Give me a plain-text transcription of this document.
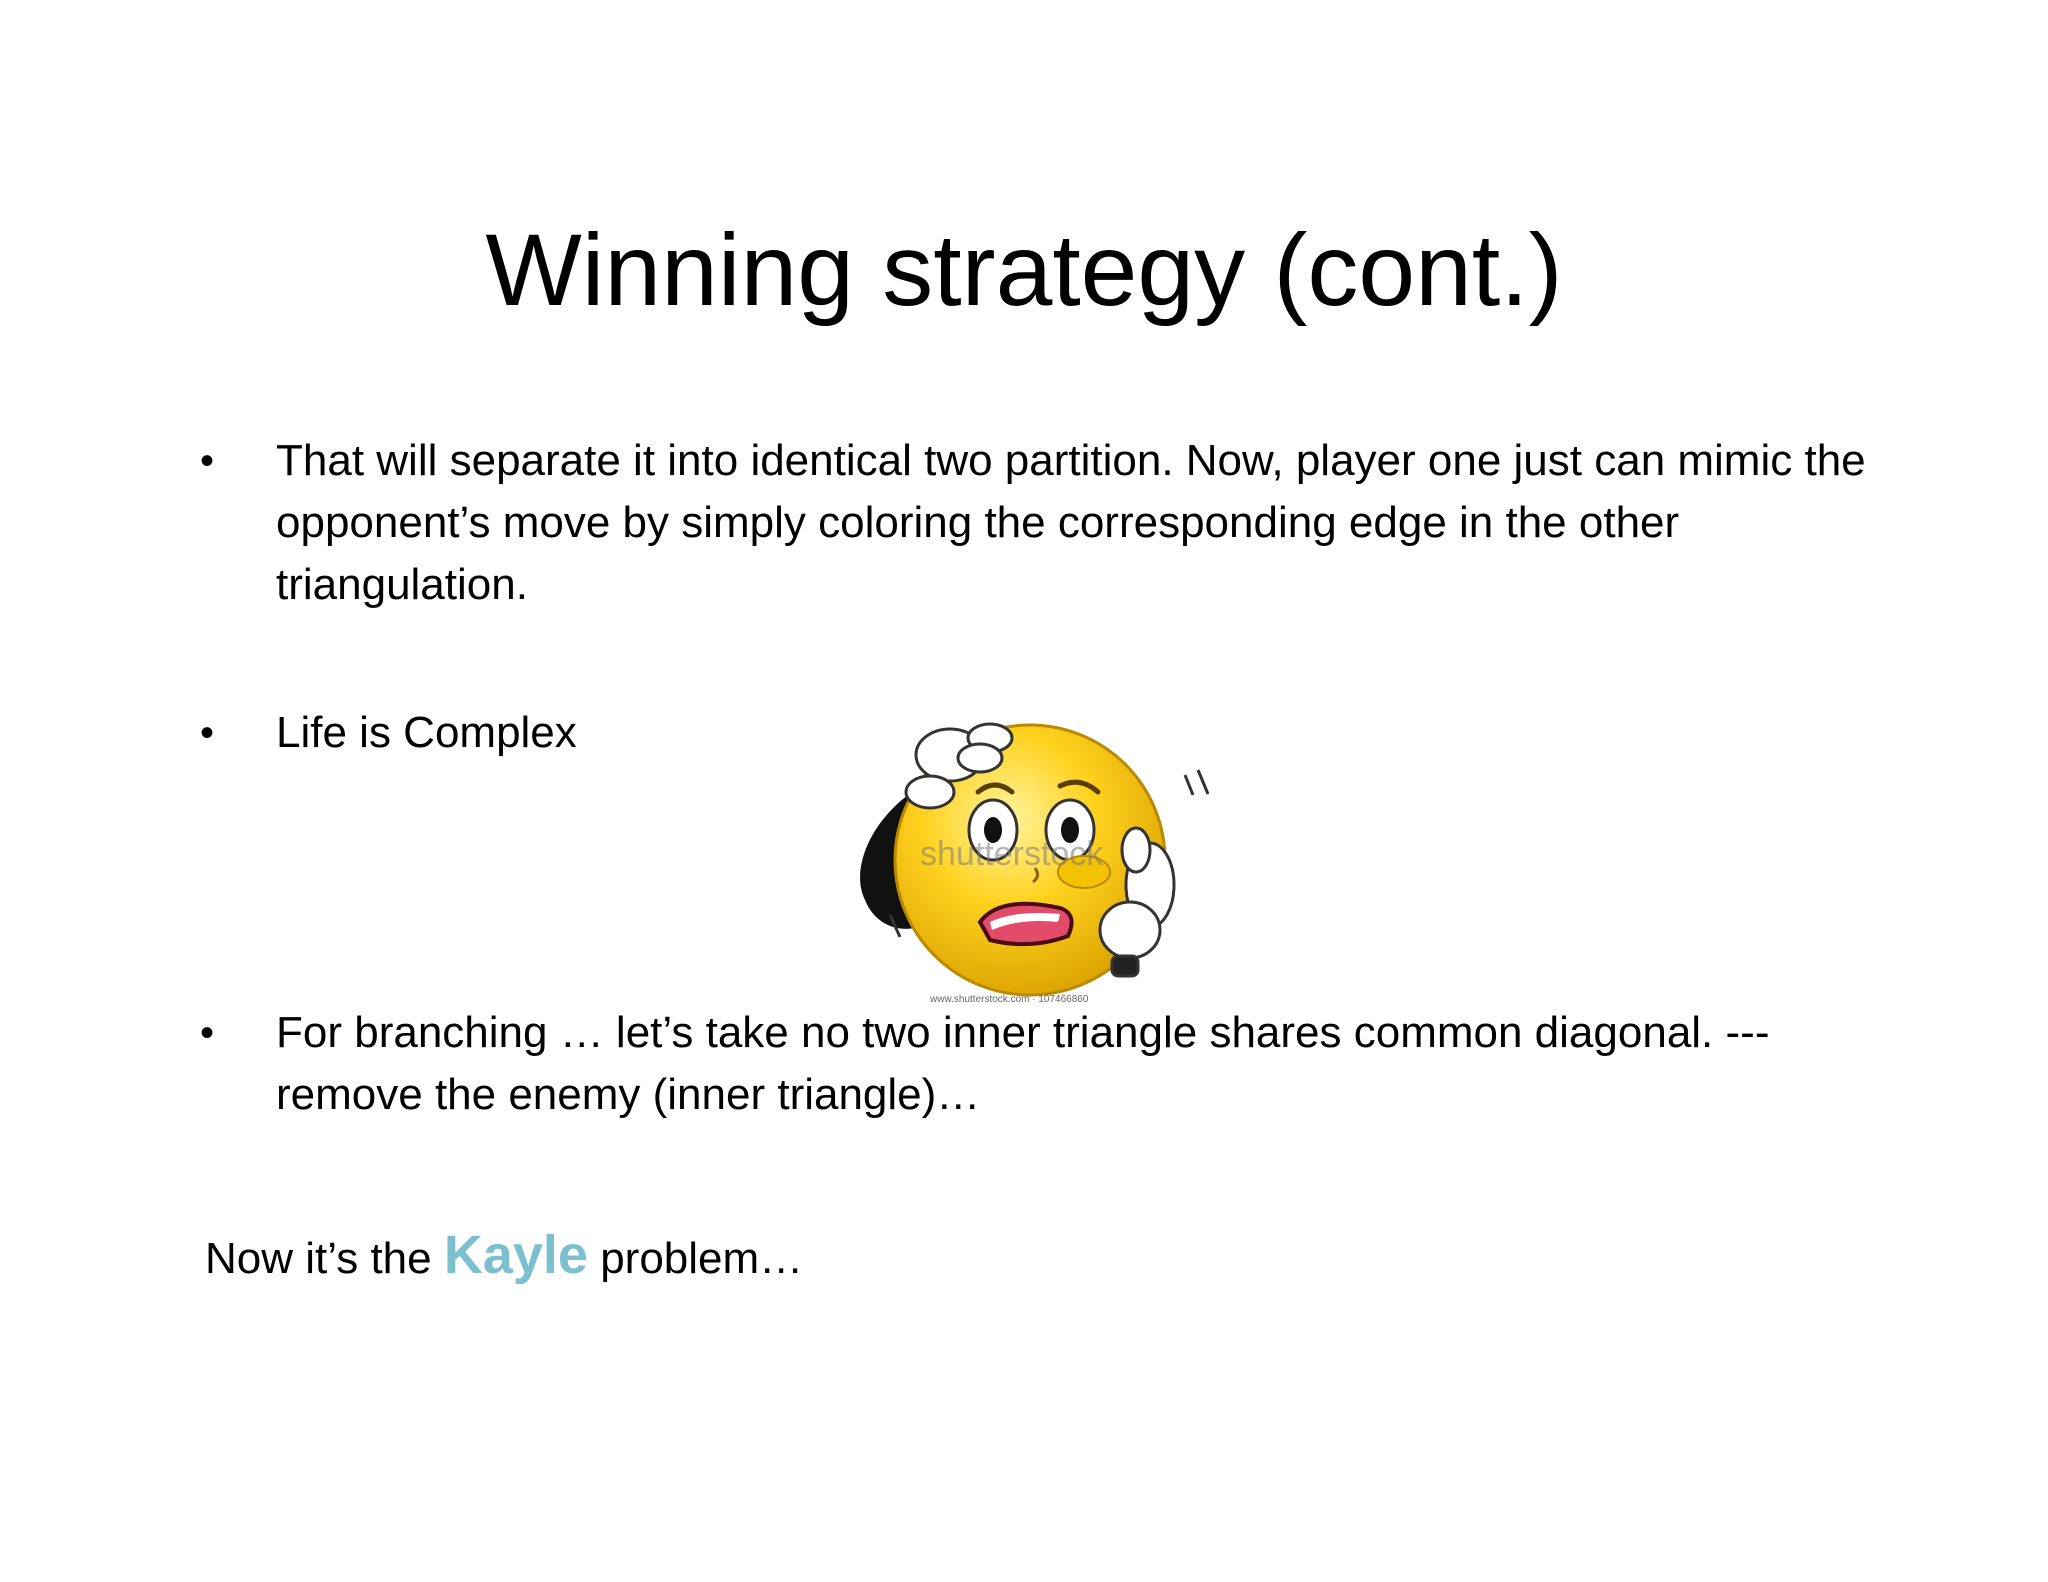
Winning strategy (cont.)
• That will separate it into identical two partition. Now, player one just can mimic the opponent’s move by simply coloring the corresponding edge in the other triangulation.
• Life is Complex
shutterstock
www.shutterstock.com · 107466860
• For branching … let’s take no two inner triangle shares common diagonal. ---remove the enemy (inner triangle)…
Now it’s the Kayle problem…
